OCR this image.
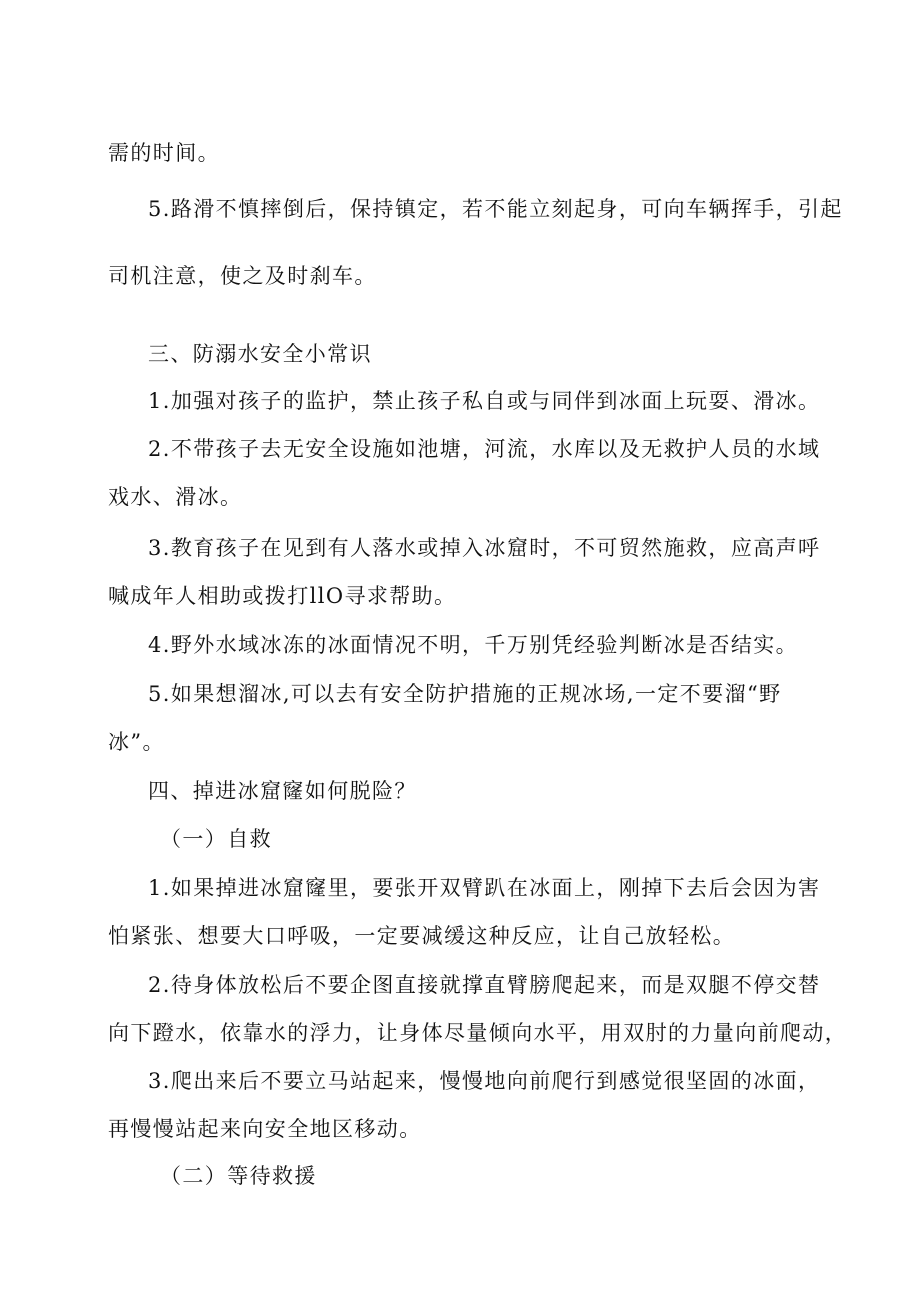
需的时间。
5.路滑不慎摔倒后，保持镇定，若不能立刻起身，可向车辆挥手，引起
司机注意，使之及时刹车。
三、防溺水安全小常识
1.加强对孩子的监护，禁止孩子私自或与同伴到冰面上玩耍、滑冰。
2.不带孩子去无安全设施如池塘，河流，水库以及无救护人员的水域
戏水、滑冰。
3.教育孩子在见到有人落水或掉入冰窟时，不可贸然施救，应高声呼
喊成年人相助或拨打llO寻求帮助。
4.野外水域冰冻的冰面情况不明，千万别凭经验判断冰是否结实。
5.如果想溜冰,可以去有安全防护措施的正规冰场,一定不要溜“野
冰”。
四、掉进冰窟窿如何脱险？
（一）自救
1.如果掉进冰窟窿里，要张开双臂趴在冰面上，刚掉下去后会因为害
怕紧张、想要大口呼吸，一定要减缓这种反应，让自己放轻松。
2.待身体放松后不要企图直接就撑直臂膀爬起来，而是双腿不停交替
向下蹬水，依靠水的浮力，让身体尽量倾向水平，用双肘的力量向前爬动，
3.爬出来后不要立马站起来，慢慢地向前爬行到感觉很坚固的冰面，
再慢慢站起来向安全地区移动。
（二）等待救援
